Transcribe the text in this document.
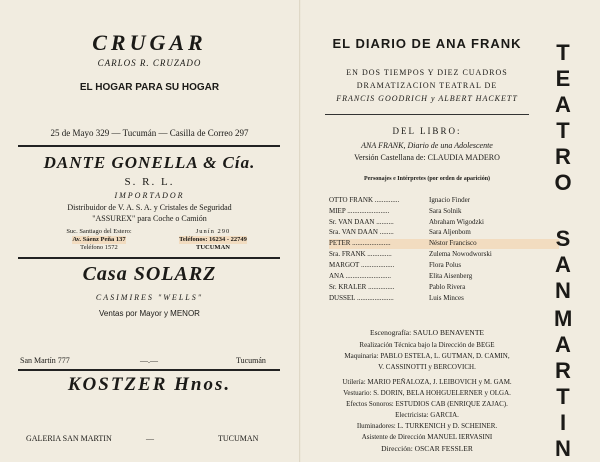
CRUGAR
CARLOS R. CRUZADO
EL HOGAR PARA SU HOGAR
25 de Mayo 329 — Tucumán — Casilla de Correo 297
DANTE GONELLA & Cía.
S. R. L.
IMPORTADOR
Distribuidor de V. A. S. A. y Cristales de Seguridad
"ASSUREX" para Coche o Camión
Suc. Santiago del Estero:
Av. Sáenz Peña 137
Teléfono 1572
Junín 290
Teléfonos: 16234 - 22749
TUCUMAN
Casa SOLARZ
CASIMIRES "WELLS"
Ventas por Mayor y MENOR
San Martín 777	—.—	Tucumán
KOSTZER Hnos.
GALERIA SAN MARTIN	—	TUCUMAN
EL DIARIO DE ANA FRANK
EN DOS TIEMPOS Y DIEZ CUADROS
DRAMATIZACION TEATRAL DE
FRANCIS GOODRICH y ALBERT HACKETT
DEL LIBRO:
ANA FRANK, Diario de una Adolescente
Versión Castellana de: CLAUDIA MADERO
Personajes e Intérpretes (por orden de aparición)
OTTO FRANK ..............	Ignacio Finder
MIEP ........................	Sara Solnik
Sr. VAN DAAN ..........	Abraham Wigodzki
Sra. VAN DAAN ........	Sara Aljenbom
PETER ......................	Néstor Francisco
Sra. FRANK ..............	Zulema Nowodworski
MARGOT ...................	Flora Polus
ANA ..........................	Elita Aisenberg
Sr. KRALER ...............	Pablo Rivera
DUSSEL .....................	Luis Minces
Escenografía: SAULO BENAVENTE
Realización Técnica bajo la Dirección de BEGE
Maquinaria: PABLO ESTELA, L. GUTMAN, D. CAMIN,
V. CASSINOTTI y BERCOVICH.
Utilería: MARIO PEÑALOZA, J. LEIBOVICH y M. GAM.
Vestuario: S. DORIN, BELA HOHGUELERNER y OLGA.
Efectos Sonoros: ESTUDIOS CAB (ENRIQUE ZAJAC).
Electricista: GARCIA.
Iluminadores: L. TURKENICH y D. SCHEINER.
Asistente de Dirección MANUEL IERVASINI
Dirección: OSCAR FESSLER
TEATRO
SAN
MARTIN
